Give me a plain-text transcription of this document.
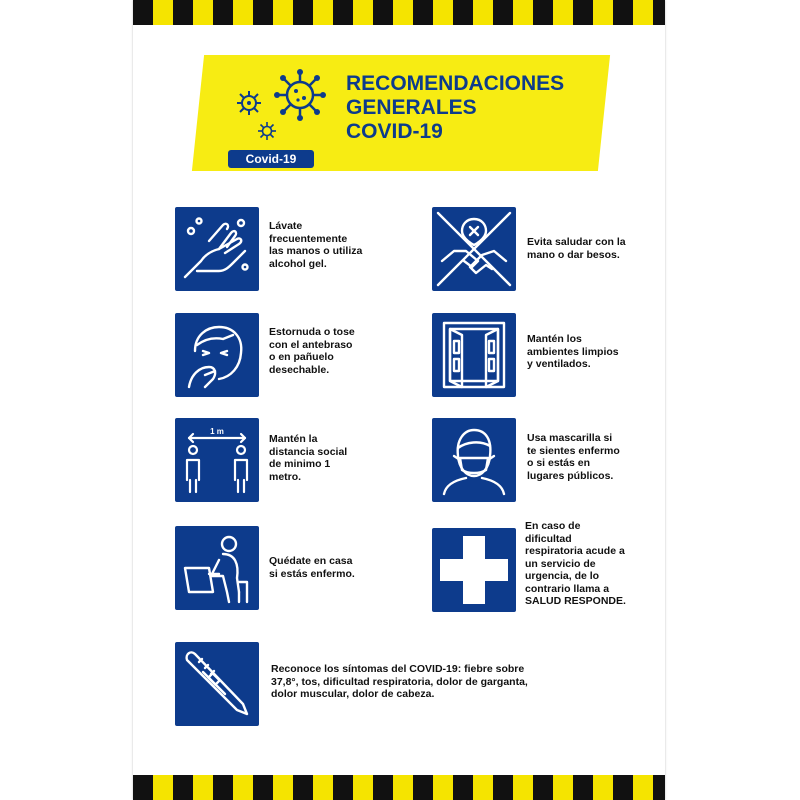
Covid-19
RECOMENDACIONES
GENERALES
COVID-19
Lávate
frecuentemente
las manos o utiliza
alcohol gel.
Evita saludar con la
mano o dar besos.
Estornuda o tose
con el antebraso
o en pañuelo
desechable.
Mantén los
ambientes limpios
y ventilados.
1 m
Mantén la
distancia social
de minimo 1
metro.
Usa mascarilla si
te sientes enfermo
o si estás en
lugares públicos.
Quédate en casa
si estás enfermo.
En caso de
dificultad
respiratoria acude a
un servicio de
urgencia, de lo
contrario llama a
SALUD RESPONDE.
Reconoce los síntomas del COVID-19: fiebre sobre
37,8°, tos, dificultad respiratoria, dolor de garganta,
dolor muscular, dolor de cabeza.
